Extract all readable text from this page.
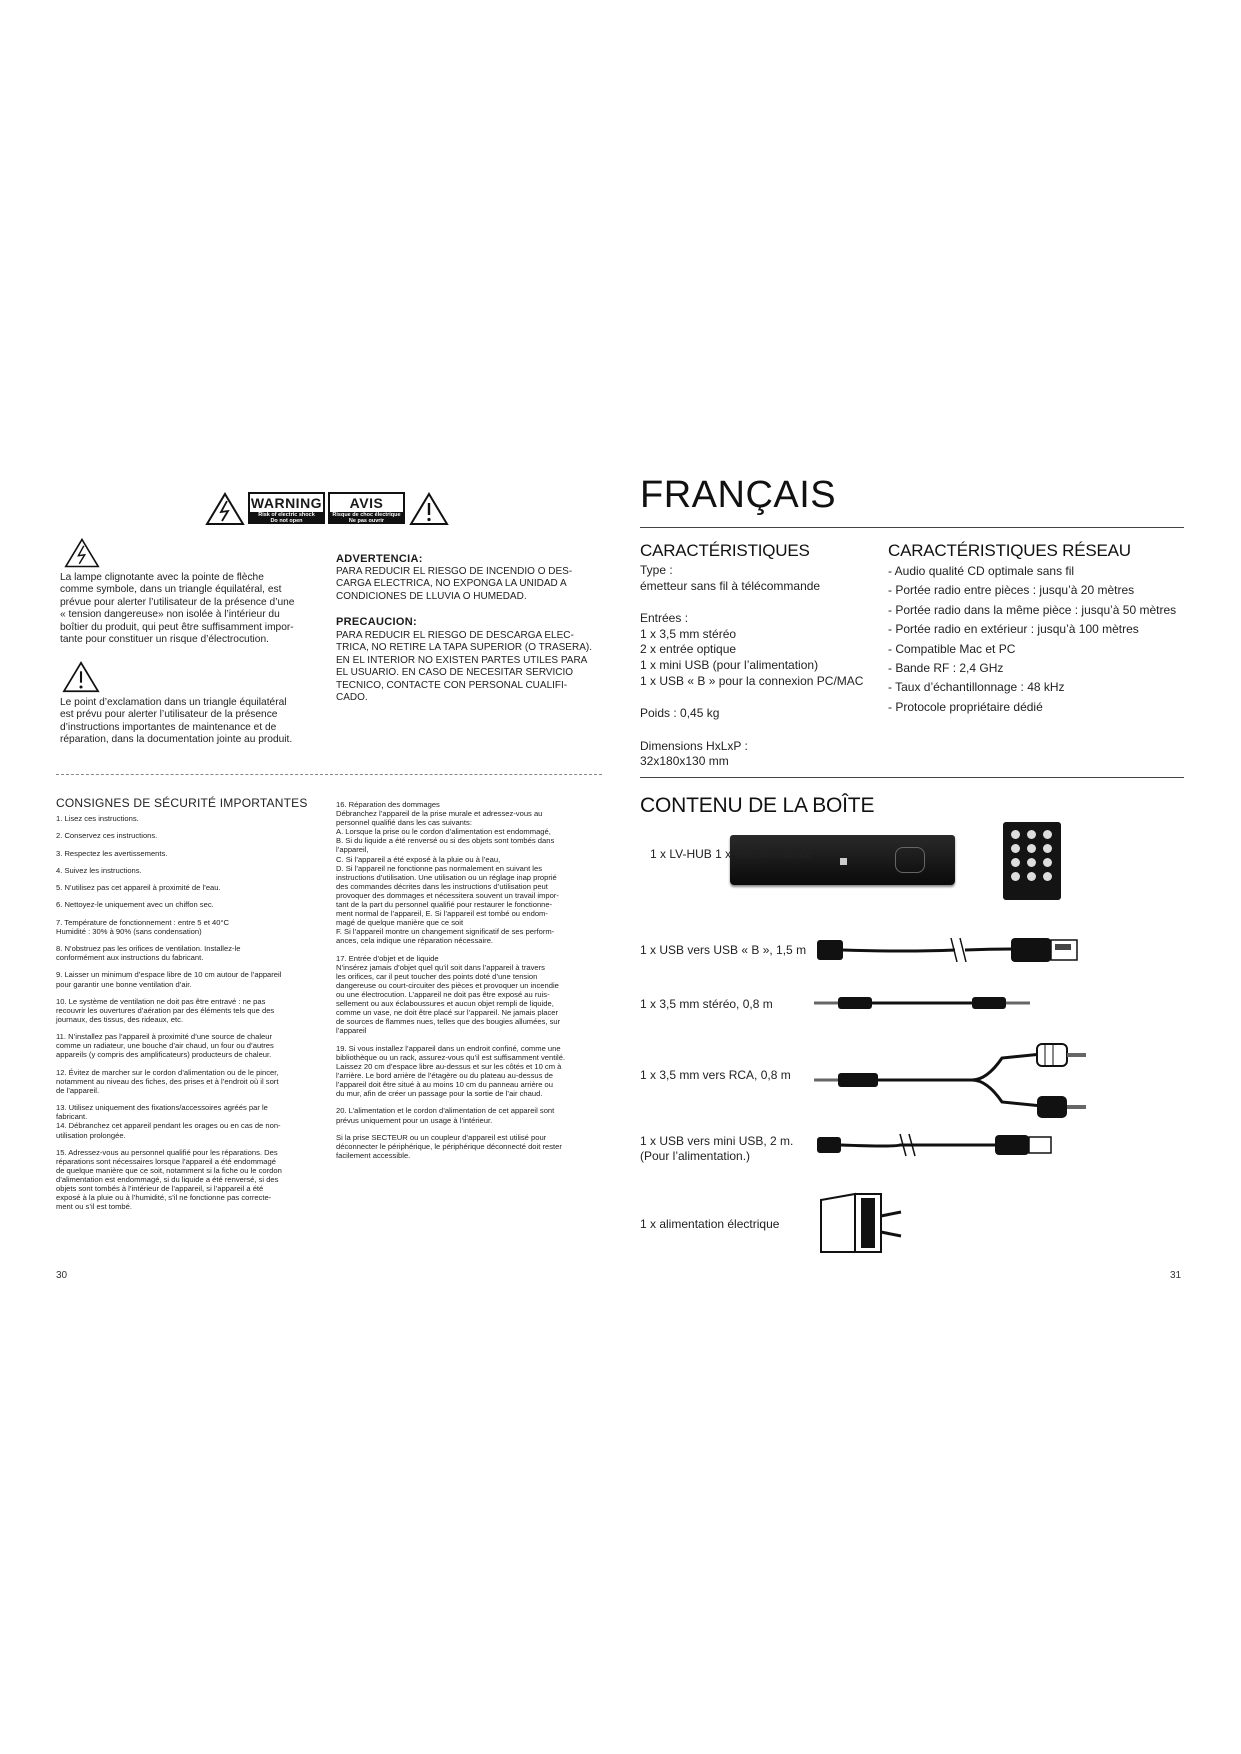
WARNING
Risk of electric shock
Do not open
AVIS
Risque de choc électrique
Ne pas ouvrir
La lampe clignotante avec la pointe de flèche
comme symbole, dans un triangle équilatéral, est
prévue pour alerter l’utilisateur de la présence d’une
« tension dangereuse» non isolée à l’intérieur du
boîtier du produit, qui peut être suffisamment impor-
tante pour constituer un risque d’électrocution.
Le point d’exclamation dans un triangle équilatéral
est prévu pour alerter l’utilisateur de la présence
d’instructions importantes de maintenance et de
réparation, dans la documentation jointe au produit.
ADVERTENCIA:
PARA REDUCIR EL RIESGO DE INCENDIO O DES-
CARGA ELECTRICA, NO EXPONGA LA UNIDAD A
CONDICIONES DE LLUVIA O HUMEDAD.
PRECAUCION:
PARA REDUCIR EL RIESGO DE DESCARGA ELEC-
TRICA, NO RETIRE LA TAPA SUPERIOR (O TRASERA).
EN EL INTERIOR NO EXISTEN PARTES UTILES PARA
EL USUARIO. EN CASO DE NECESITAR SERVICIO
TECNICO, CONTACTE CON PERSONAL CUALIFI-
CADO.
CONSIGNES DE SÉCURITÉ IMPORTANTES
1. Lisez ces instructions.
2. Conservez ces instructions.
3. Respectez les avertissements.
4. Suivez les instructions.
5. N’utilisez pas cet appareil à proximité de l’eau.
6. Nettoyez-le uniquement avec un chiffon sec.
7. Température de fonctionnement : entre 5 et 40°C
Humidité : 30% à 90% (sans condensation)
8. N’obstruez pas les orifices de ventilation. Installez-le
conformément aux instructions du fabricant.
9. Laisser un minimum d’espace libre de 10 cm autour de l’appareil
pour garantir une bonne ventilation d’air.
10. Le système de ventilation ne doit pas être entravé : ne pas
recouvrir les ouvertures d’aération par des éléments tels que des
journaux, des tissus, des rideaux, etc.
11. N’installez pas l’appareil à proximité d’une source de chaleur
comme un radiateur, une bouche d’air chaud, un four ou d’autres
appareils (y compris des amplificateurs) producteurs de chaleur.
12. Évitez de marcher sur le cordon d’alimentation ou de le pincer,
notamment au niveau des fiches, des prises et à l’endroit où il sort
de l’appareil.
13. Utilisez uniquement des fixations/accessoires agréés par le
fabricant.
14. Débranchez cet appareil pendant les orages ou en cas de non-
utilisation prolongée.
15. Adressez-vous au personnel qualifié pour les réparations. Des
réparations sont nécessaires lorsque l’appareil a été endommagé
de quelque manière que ce soit, notamment si la fiche ou le cordon
d’alimentation est endommagé, si du liquide a été renversé, si des
objets sont tombés à l’intérieur de l’appareil, si l’appareil a été
exposé à la pluie ou à l’humidité, s’il ne fonctionne pas correcte-
ment ou s’il est tombé.
16. Réparation des dommages
Débranchez l’appareil de la prise murale et adressez-vous au
personnel qualifié dans les cas suivants:
A. Lorsque la prise ou le cordon d’alimentation est endommagé,
B. Si du liquide a été renversé ou si des objets sont tombés dans
l’appareil,
C. Si l’appareil a été exposé à la pluie ou à l’eau,
D. Si l’appareil ne fonctionne pas normalement en suivant les
instructions d’utilisation. Une utilisation ou un réglage inap proprié
des commandes décrites dans les instructions d’utilisation peut
provoquer des dommages et nécessitera souvent un travail impor-
tant de la part du personnel qualifié pour restaurer le fonctionne-
ment normal de l’appareil, E. Si l’appareil est tombé ou endom-
magé de quelque manière que ce soit
F. Si l’appareil montre un changement significatif de ses perform-
ances, cela indique une réparation nécessaire.
17. Entrée d’objet et de liquide
N’insérez jamais d’objet quel qu’il soit dans l’appareil à travers
les orifices, car il peut toucher des points doté d’une tension
dangereuse ou court-circuiter des pièces et provoquer un incendie
ou une électrocution. L’appareil ne doit pas être exposé au ruis-
sellement ou aux éclaboussures et aucun objet rempli de liquide,
comme un vase, ne doit être placé sur l’appareil. Ne jamais placer
de sources de flammes nues, telles que des bougies allumées, sur
l’appareil
19. Si vous installez l’appareil dans un endroit confiné, comme une
bibliothèque ou un rack, assurez-vous qu’il est suffisamment ventilé.
Laissez 20 cm d’espace libre au-dessus et sur les côtés et 10 cm à
l’arrière. Le bord arrière de l’étagère ou du plateau au-dessus de
l’appareil doit être situé à au moins 10 cm du panneau arrière ou
du mur, afin de créer un passage pour la sortie de l’air chaud.
20. L’alimentation et le cordon d’alimentation de cet appareil sont
prévus uniquement pour un usage à l’intérieur.
Si la prise SECTEUR ou un coupleur d’appareil est utilisé pour
déconnecter le périphérique, le périphérique déconnecté doit rester
facilement accessible.
30
FRANÇAIS
CARACTÉRISTIQUES
Type :
émetteur sans fil à télécommande
Entrées :
1 x 3,5 mm stéréo
2 x entrée optique
1 x mini USB (pour l’alimentation)
1 x USB « B » pour la connexion PC/MAC
Poids : 0,45 kg
Dimensions HxLxP :
32x180x130 mm
CARACTÉRISTIQUES RÉSEAU
- Audio qualité CD optimale sans fil
- Portée radio entre pièces : jusqu’à 20 mètres
- Portée radio dans la même pièce : jusqu’à 50 mètres
- Portée radio en extérieur : jusqu’à 100 mètres
- Compatible Mac et PC
- Bande RF : 2,4 GHz
- Taux d’échantillonnage : 48 kHz
- Protocole propriétaire dédié
CONTENU DE LA BOÎTE
1 x LV-HUB 1 x télécommande
1 x USB vers USB « B », 1,5 m
1 x 3,5 mm stéréo, 0,8 m
1 x 3,5 mm vers RCA, 0,8 m
1 x USB vers mini USB, 2 m.
(Pour l’alimentation.)
1 x alimentation électrique
31
